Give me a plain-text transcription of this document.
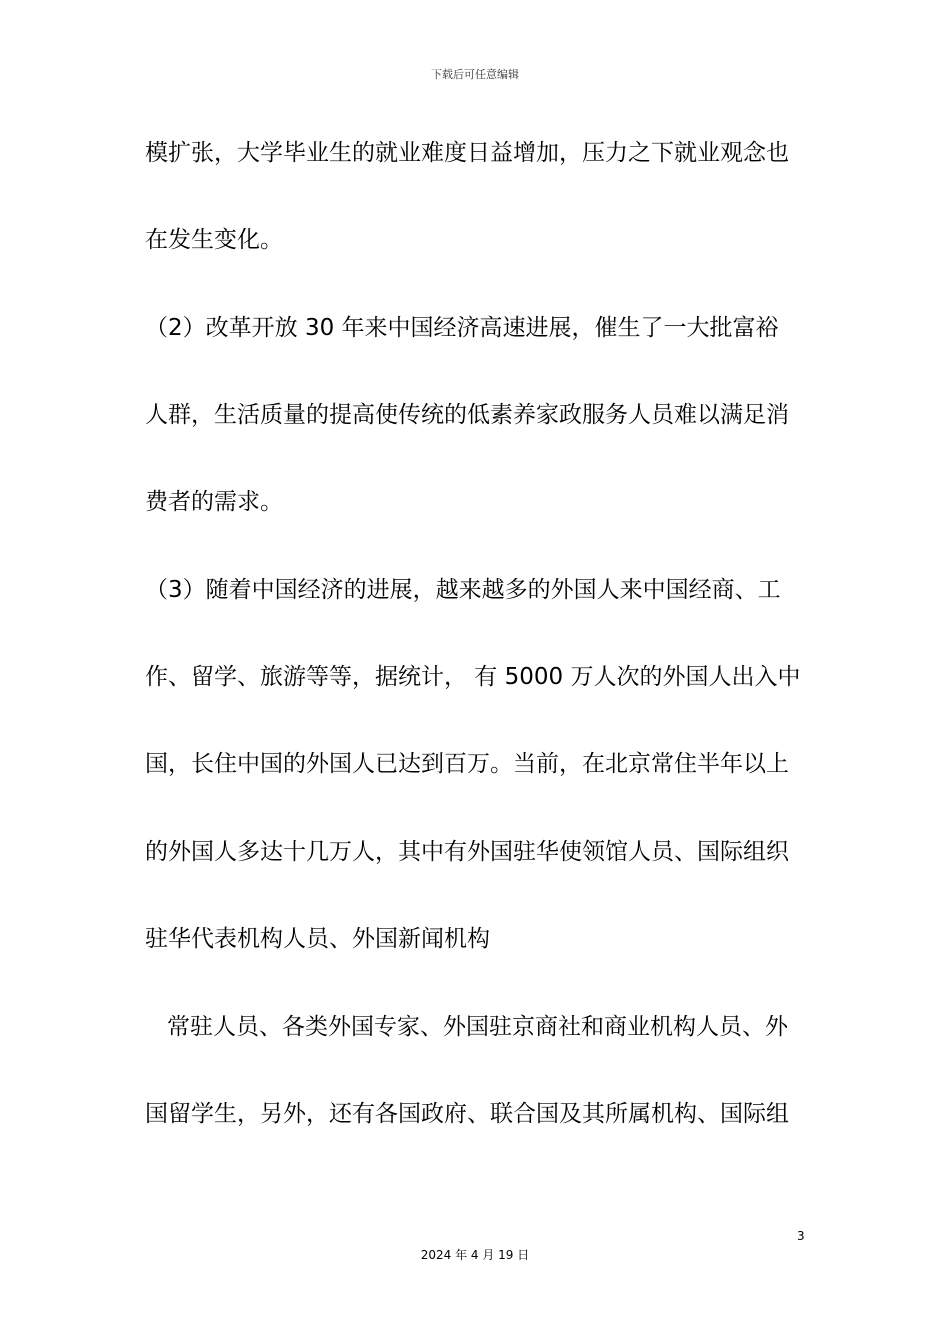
下载后可任意编辑
模扩张，大学毕业生的就业难度日益增加，压力之下就业观念也
在发生变化。
（2）改革开放 30 年来中国经济高速进展，催生了一大批富裕
人群，生活质量的提高使传统的低素养家政服务人员难以满足消
费者的需求。
（3）随着中国经济的进展，越来越多的外国人来中国经商、工
作、留学、旅游等等，据统计， 有 5000 万人次的外国人出入中
国，长住中国的外国人已达到百万。当前，在北京常住半年以上
的外国人多达十几万人，其中有外国驻华使领馆人员、国际组织
驻华代表机构人员、外国新闻机构
常驻人员、各类外国专家、外国驻京商社和商业机构人员、外
国留学生，另外，还有各国政府、联合国及其所属机构、国际组
3
2024 年 4 月 19 日
